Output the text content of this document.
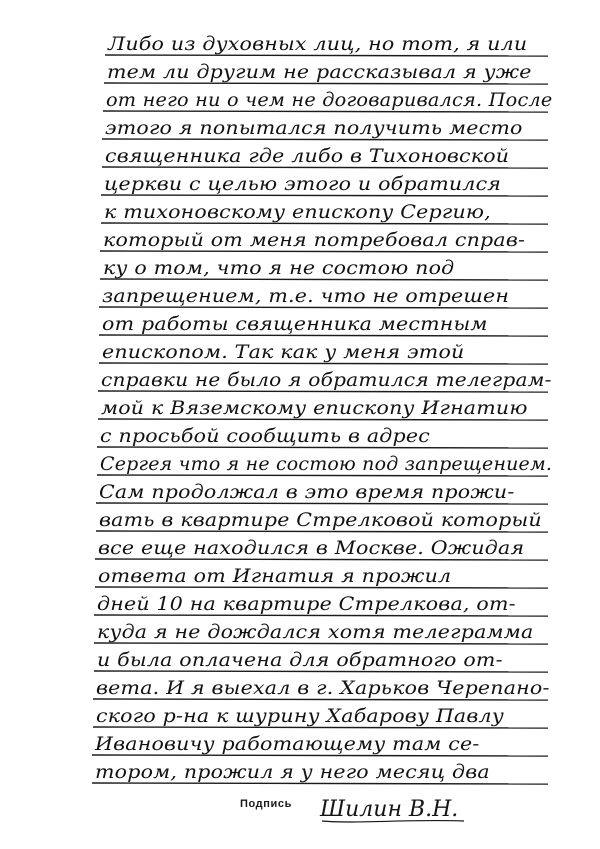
Либо из духовных лиц, но тот, я или
тем ли другим не рассказывал я уже
от него ни о чем не договаривался. После
этого я попытался получить место
священника где либо в Тихоновской
церкви с целью этого и обратился
к тихоновскому епископу Сергию,
который от меня потребовал справ-
ку о том, что я не состою под
запрещением, т.е. что не отрешен
от работы священника местным
епископом. Так как у меня этой
справки не было я обратился телеграм-
мой к Вяземскому епископу Игнатию
с просьбой сообщить в адрес
Сергея что я не состою под запрещением.
Сам продолжал в это время прожи-
вать в квартире Стрелковой который
все еще находился в Москве. Ожидая
ответа от Игнатия я прожил
дней 10 на квартире Стрелкова, от-
куда я не дождался хотя телеграмма
и была оплачена для обратного от-
вета. И я выехал в г. Харьков Черепано-
ского р-на к шурину Хабарову Павлу
Ивановичу работающему там се-
тором, прожил я у него месяц два
Подпись Шилин В.Н.
